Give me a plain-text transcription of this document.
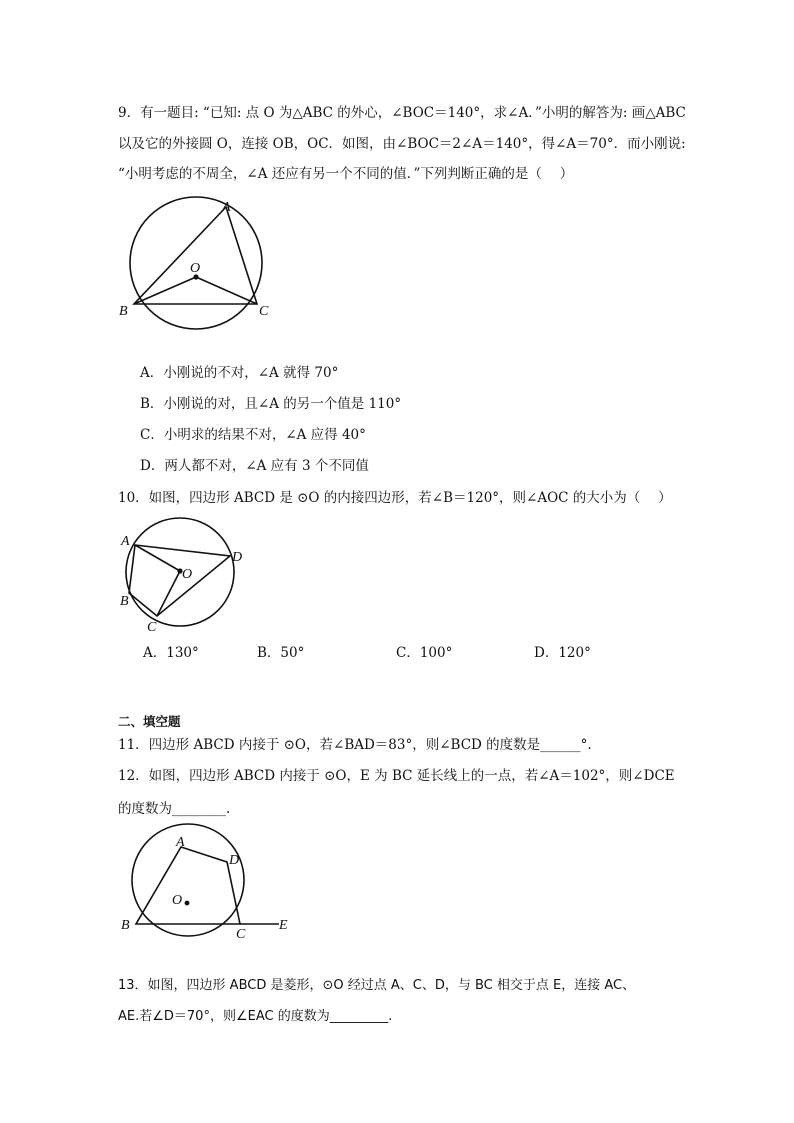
9．有一题目: “已知: 点 O 为△ABC 的外心，∠BOC＝140°，求∠A．”小明的解答为: 画△ABC
以及它的外接圆 O，连接 OB，OC．如图，由∠BOC＝2∠A＝140°，得∠A＝70°．而小刚说:
“小明考虑的不周全，∠A 还应有另一个不同的值．”下列判断正确的是（　 ）
A
O
B	C
A．小刚说的不对，∠A 就得 70°
B．小刚说的对，且∠A 的另一个值是 110°
C．小明求的结果不对，∠A 应得 40°
D．两人都不对，∠A 应有 3 个不同值
10．如图，四边形 ABCD 是 ⊙O 的内接四边形，若∠B＝120°，则∠AOC 的大小为（　 ）
A
D
O
B
C
A．130°	B．50°	C．100°	D．120°
二、填空题
11．四边形 ABCD 内接于 ⊙O，若∠BAD＝83°，则∠BCD 的度数是______°.
12．如图，四边形 ABCD 内接于 ⊙O，E 为 BC 延长线上的一点，若∠A＝102°，则∠DCE
的度数为________.
A
D
O
B
C
E
13．如图，四边形 ABCD 是菱形，⊙O 经过点 A、C、D，与 BC 相交于点 E，连接 AC、
AE.若∠D＝70°，则∠EAC 的度数为_________.
